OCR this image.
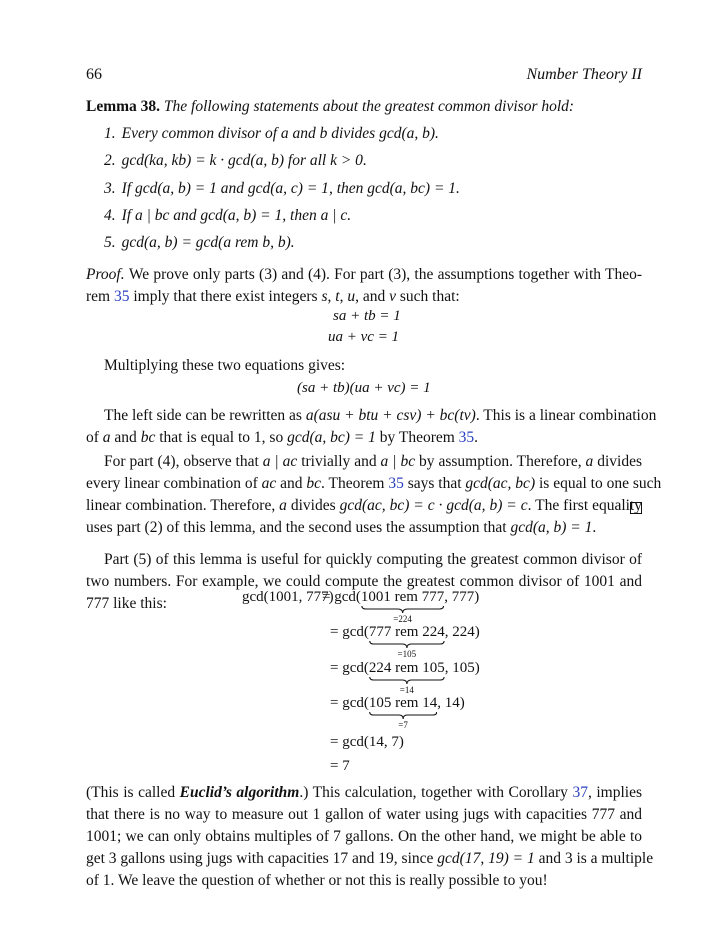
66	Number Theory II
Lemma 38. The following statements about the greatest common divisor hold:
1. Every common divisor of a and b divides gcd(a, b).
2. gcd(ka, kb) = k · gcd(a, b) for all k > 0.
3. If gcd(a, b) = 1 and gcd(a, c) = 1, then gcd(a, bc) = 1.
4. If a | bc and gcd(a, b) = 1, then a | c.
5. gcd(a, b) = gcd(a rem b, b).
Proof. We prove only parts (3) and (4). For part (3), the assumptions together with Theo-
rem 35 imply that there exist integers s, t, u, and v such that:
sa + tb = 1
ua + vc = 1
Multiplying these two equations gives:
(sa + tb)(ua + vc) = 1
The left side can be rewritten as a(asu + btu + csv) + bc(tv). This is a linear combination
of a and bc that is equal to 1, so gcd(a, bc) = 1 by Theorem 35.
For part (4), observe that a | ac trivially and a | bc by assumption. Therefore, a divides
every linear combination of ac and bc. Theorem 35 says that gcd(ac, bc) is equal to one such
linear combination. Therefore, a divides gcd(ac, bc) = c · gcd(a, b) = c. The first equality
uses part (2) of this lemma, and the second uses the assumption that gcd(a, b) = 1.
Part (5) of this lemma is useful for quickly computing the greatest common divisor of
two numbers. For example, we could compute the greatest common divisor of 1001 and
777 like this:	gcd(1001, 777)
= gcd(1001 rem 777
=224
, 777)
= gcd(777 rem 224
=105
, 224)
= gcd(224 rem 105
=14
, 105)
= gcd(105 rem 14
=7
, 14)
= gcd(14, 7)
= 7
(This is called Euclid’s algorithm.) This calculation, together with Corollary 37, implies
that there is no way to measure out 1 gallon of water using jugs with capacities 777 and
1001; we can only obtains multiples of 7 gallons. On the other hand, we might be able to
get 3 gallons using jugs with capacities 17 and 19, since gcd(17, 19) = 1 and 3 is a multiple
of 1. We leave the question of whether or not this is really possible to you!
